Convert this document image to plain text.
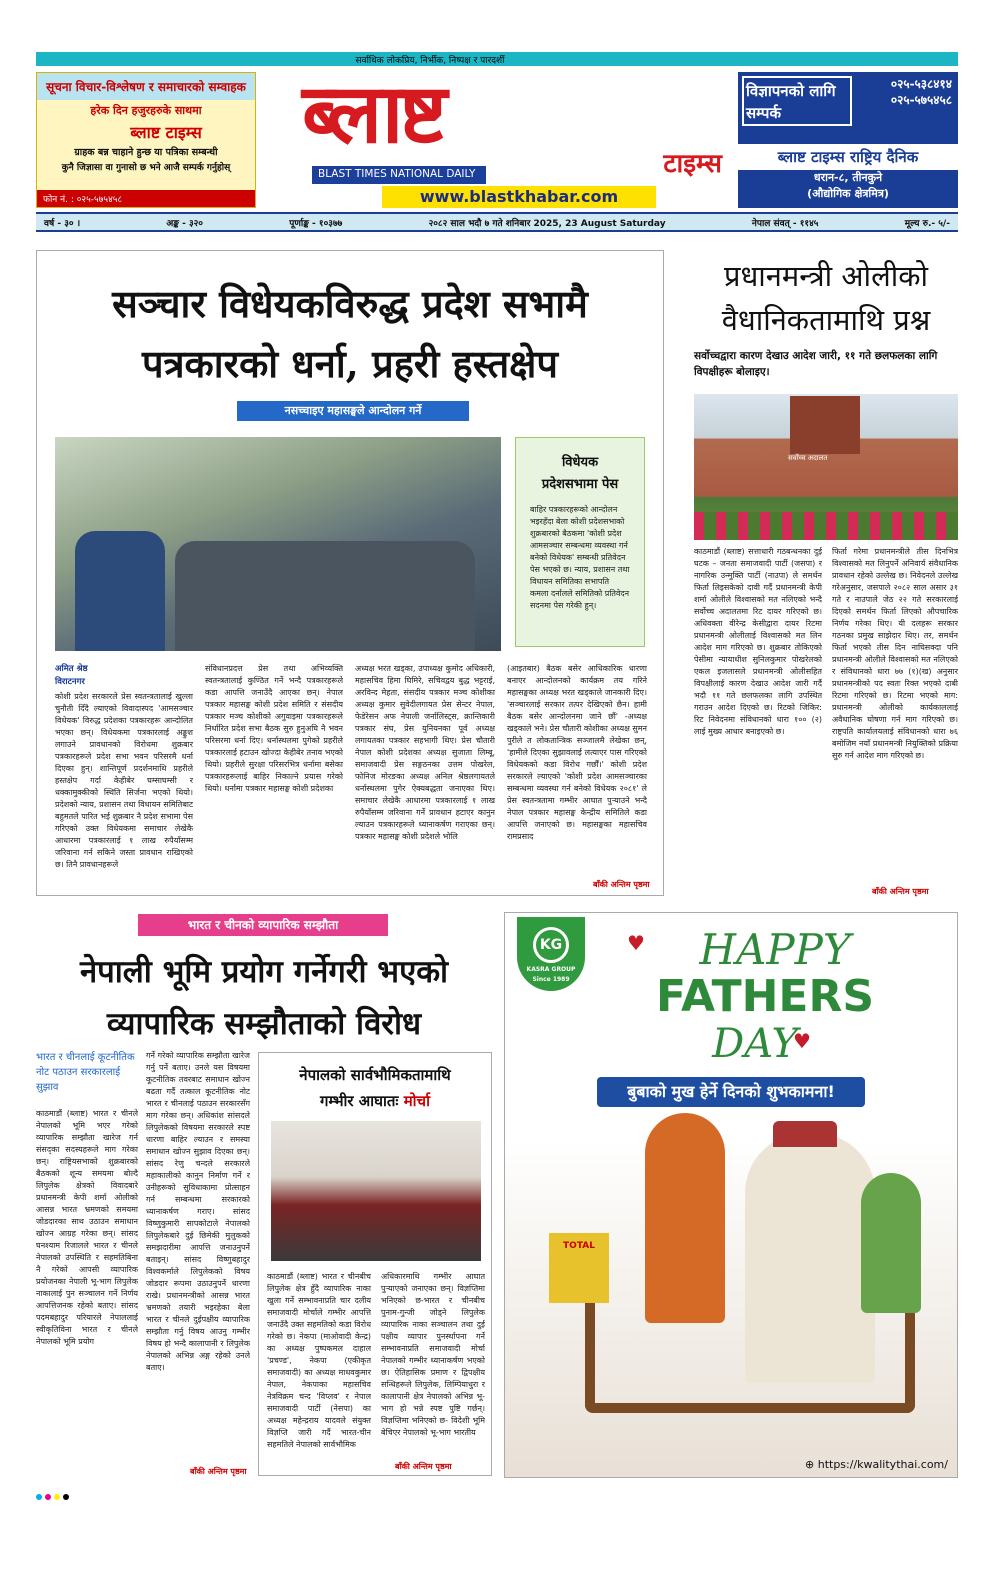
सर्वाधिक लोकप्रिय, निर्भीक, निष्पक्ष र पारदर्शी
सूचना विचार-विश्लेषण र समाचारको सम्वाहक
हरेक दिन हजुरहरुके साथमा
ब्लाष्ट टाइम्स
ग्राहक बन्न चाहाने हुन्छ या पत्रिका सम्बन्धी
कुनै जिज्ञासा वा गुनासो छ भने आजै सम्पर्क गर्नुहोस्
फोन नं. : ०२५-५७५४५८
ब्लाष्ट
टाइम्स
BLAST TIMES NATIONAL DAILY
www.blastkhabar.com
विज्ञापनको लागि सम्पर्क
०२५-५३८४१४
०२५-५७५४५८
ब्लाष्ट टाइम्स राष्ट्रिय दैनिक
धरान-८, तीनकुने
(औद्योगिक क्षेत्रमित्र)
वर्ष - ३० ।	अङ्क - ३२०	पूर्णाङ्क - १०३७७	२०८२ साल भदौ ७ गते शनिबार 2025, 23 August Saturday	नेपाल संवत् - ११४५	मूल्य रु.- ५/-
सञ्चार विधेयकविरुद्ध प्रदेश सभामै
पत्रकारको धर्ना, प्रहरी हस्तक्षेप
नसच्चाइए महासङ्घले आन्दोलन गर्ने
विधेयक
प्रदेशसभामा पेस
बाहिर पत्रकारहरूको आन्दोलन भइरहँदा बेला कोशी प्रदेशसभाको शुक्रबारको बैठकमा 'कोशी प्रदेश आमसञ्चार सम्बन्धमा व्यवस्था गर्न बनेको विधेयक' सम्बन्धी प्रतिवेदन पेस भएको छ। न्याय, प्रशासन तथा विधायन समितिका सभापति कमला दर्नालले समितिको प्रतिवेदन सदनमा पेस गरेकी हुन्।
अमित श्रेष्ठ
विराटनगर
कोशी प्रदेश सरकारले प्रेस स्वतन्त्रतालाई खुल्ला चुनौती दिँदै ल्याएको विवादास्पद 'आमसञ्चार विधेयक' विरुद्ध प्रदेशका पत्रकारहरू आन्दोलित भएका छन्। विधेयकमा पत्रकारलाई अङ्कुश लगाउने प्रावधानको विरोधमा शुक्रबार पत्रकारहरूले प्रदेश सभा भवन परिसरमै धर्ना दिएका हुन्। शान्तिपूर्ण प्रदर्शनमाथि प्रहरीले हस्तक्षेप गर्दा केहीबेर घम्साघम्सी र धक्कामुक्कीको स्थिति सिर्जना भएको थियो। प्रदेशको न्याय, प्रशासन तथा विधायन समितिबाट बहुमतले पारित भई शुक्रबार नै प्रदेश सभामा पेस गरिएको उक्त विधेयकमा समाचार लेखेकै आधारमा पत्रकारलाई १ लाख रुपैयाँसम्म जरिवाना गर्न सकिने जस्ता प्रावधान राखिएको छ। तिनै प्रावधानहरूले
संविधानप्रदत्त प्रेस तथा अभिव्यक्ति स्वतन्त्रतालाई कुण्ठित गर्ने भन्दै पत्रकारहरूले कडा आपत्ति जनाउँदै आएका छन्। नेपाल पत्रकार महासङ्घ कोशी प्रदेश समिति र संसदीय पत्रकार मञ्च कोशीको अगुवाइमा पत्रकारहरूले निर्धारित प्रदेश सभा बैठक सुरु हुनुअघि नै भवन परिसरमा धर्ना दिए। धर्नास्थलमा पुगेको प्रहरीले पत्रकारलाई हटाउन खोज्दा केहीबेर तनाव भएको थियो। प्रहरीले सुरक्षा परिसरभित्र धर्नामा बसेका पत्रकारहरूलाई बाहिर निकाल्ने प्रयास गरेको थियो। धर्नामा पत्रकार महासङ्घ कोशी प्रदेशका
अध्यक्ष भरत खड्का, उपाध्यक्ष कुमोद अधिकारी, महासचिव हिमा घिमिरे, सचिवद्वय बुद्ध भट्टराई, अरविन्द मेहता, संसदीय पत्रकार मञ्च कोशीका अध्यक्ष कुमार सुवेदीलगायत प्रेस सेन्टर नेपाल, फेडेरेसन अफ नेपाली जर्नालिस्ट्स, क्रान्तिकारी पत्रकार संघ, प्रेस युनियनका पूर्व अध्यक्ष लगायतका पत्रकार सहभागी थिए। प्रेस चौतारी नेपाल कोशी प्रदेशका अध्यक्ष सुजाता लिम्बू, समाजवादी प्रेस सङ्गठनका उत्तम पोखरेल, फोनिज मोरङका अध्यक्ष अनिल श्रेष्ठलगायतले धर्नास्थलमा पुगेर ऐक्यबद्धता जनाएका थिए। समाचार लेखेकै आधारमा पत्रकारलाई १ लाख रुपैयाँसम्म जरिवाना गर्ने प्रावधान हटाएर कानुन ल्याउन पत्रकारहरूले ध्यानाकर्षण गराएका छन्। पत्रकार महासङ्घ कोशी प्रदेशले भोलि
(आइतबार) बैठक बसेर आधिकारिक धारणा बनाएर आन्दोलनको कार्यक्रम तय गरिने महासङ्घका अध्यक्ष भरत खड्काले जानकारी दिए। 'सञ्चारलाई सरकार तत्पर देखिएको छैन। हामी बैठक बसेर आन्दोलनमा जाने छौं' -अध्यक्ष खड्काले भने। प्रेस चौतारी कोशीका अध्यक्ष सुमन पुरीले त लोकतान्त्रिक सञ्जालमै लेखेका छन्, 'हामीले दिएका सुझावलाई लत्याएर पास गरिएको विधेयकको कडा विरोध गर्छौं।' कोशी प्रदेश सरकारले ल्याएको 'कोशी प्रदेश आमसञ्चारका सम्बन्धमा व्यवस्था गर्न बनेको विधेयक २०८१' ले प्रेस स्वतन्त्रतामा गम्भीर आघात पुऱ्याउने भन्दै नेपाल पत्रकार महासङ्घ केन्द्रीय समितिले कडा आपत्ति जनाएको छ। महासङ्घका महासचिव रामप्रसाद
बाँकी अन्तिम पृष्ठमा
प्रधानमन्त्री ओलीको
वैधानिकतामाथि प्रश्न
सर्वोच्चद्वारा कारण देखाउ आदेश जारी, ११ गते छलफलका लागि विपक्षीहरू बोलाइए।
सर्वोच्च अदालत
काठमाडौं (ब्लाष्ट) सत्ताधारी गठबन्धनका दुई घटक – जनता समाजवादी पार्टी (जसपा) र नागरिक उन्मुक्ति पार्टी (नाउपा) ले समर्थन फिर्ता लिइसकेको दावी गर्दै प्रधानमन्त्री केपी शर्मा ओलीले विश्वासको मत नलिएको भन्दै सर्वोच्च अदालतमा रिट दायर गरिएको छ। अधिवक्ता वीरेन्द्र केसीद्वारा दायर रिटमा प्रधानमन्त्री ओलीलाई विश्वासको मत लिन आदेश माग गरिएको छ। शुक्रबार तोकिएको पेसीमा न्यायाधीश सुनिलकुमार पोखरेलको एकल इजलासले प्रधानमन्त्री ओलीसहित विपक्षीलाई कारण देखाउ आदेश जारी गर्दै भदौ ११ गते छलफलका लागि उपस्थित गराउन आदेश दिएको छ। रिटको जिकिर: रिट निवेदनमा संविधानको धारा १०० (२) लाई मुख्य आधार बनाइएको छ।
फिर्ता गरेमा प्रधानमन्त्रीले तीस दिनभित्र विश्वासको मत लिनुपर्ने अनिवार्य संवैधानिक प्रावधान रहेको उल्लेख छ। निवेदनले उल्लेख गरेअनुसार, जसपाले २०८२ साल असार ३१ गते र नाउपाले जेठ २२ गते सरकारलाई दिएको समर्थन फिर्ता लिएको औपचारिक निर्णय गरेका थिए। यी दलहरू सरकार गठनका प्रमुख साझेदार थिए। तर, समर्थन फिर्ता भएको तीस दिन नाघिसक्दा पनि प्रधानमन्त्री ओलीले विश्वासको मत नलिएको र संविधानको धारा ७७ (१)(ख) अनुसार प्रधानमन्त्रीको पद स्वतः रिक्त भएको दाबी रिटमा गरिएको छ। रिटमा भएको माग: प्रधानमन्त्री ओलीको कार्यकाललाई अवैधानिक घोषणा गर्न माग गरिएको छ। राष्ट्रपति कार्यालयलाई संविधानको धारा ७६ बमोजिम नयाँ प्रधानमन्त्री नियुक्तिको प्रक्रिया सुरु गर्न आदेश माग गरिएको छ।
बाँकी अन्तिम पृष्ठमा
भारत र चीनको व्यापारिक सम्झौता
नेपाली भूमि प्रयोग गर्नेगरी भएको
व्यापारिक सम्झौताको विरोध
भारत र चीनलाई कूटनीतिक नोट पठाउन सरकारलाई सुझाव
काठमाडौं (ब्लाष्ट) भारत र चीनले नेपालको भूमि भएर गरेको व्यापारिक सम्झौता खारेज गर्न संसद्‌का सदस्यहरूले माग गरेका छन्। राष्ट्रियसभाको शुक्रबारको बैठकको शून्य समयमा बोल्दै लिपुलेक क्षेत्रको विवादबारे प्रधानमन्त्री केपी शर्मा ओलीको आसन्न भारत भ्रमणको समयमा जोडदारका साथ उठाउन समाधान खोज्न आग्रह गरेका छन्। सांसद घनश्याम रिजालले भारत र चीनले नेपालको उपस्थिति र सहमतिबिना नै गरेको आपसी व्यापारिक प्रयोजनका नेपाली भू-भाग लिपुलेक नाकालाई पुन सञ्चालन गर्ने निर्णय आपत्तिजनक रहेको बताए। सांसद पदमबहादुर परियारले नेपाललाई स्वीकृतिविना भारत र चीनले नेपालको भूमि प्रयोग
गर्ने गरेको व्यापारिक सम्झौता खारेज गर्नु पर्ने बताए। उनले यस विषयमा कूटनीतिक तवरबाट समाधान खोज्न बढता गर्दै तत्काल कूटनीतिक नोट भारत र चीनलाई पठाउन सरकारसँग माग गरेका छन्। अधिकांश सांसदले लिपुलेकको विषयमा सरकारले स्पष्ट धारणा बाहिर ल्याउन र समस्या समाधान खोज्न सुझाव दिएका छन्। सांसद रेणु चन्दले सरकारले महाकालीको कानुन निर्माण गर्ने र उनीहरूको सुविधाकामा प्रोत्साहन गर्न सम्बन्धमा सरकारको ध्यानाकर्षण गराए। सांसद विष्णुकुमारी सापकोटाले नेपालको लिपुलेकबारे दुई छिमेकी मुलुकको समझदारीमा आपत्ति जनाउनुपर्ने बताइन्। सांसद विष्णुबहादुर विश्वकर्माले लिपुलेकको विषय जोडदार रूपमा उठाउनुपर्ने धारणा राखे। प्रधानमन्त्रीको आसन्न भारत भ्रमणको तयारी भइरहेका बेला भारत र चीनले दुईपक्षीय व्यापारिक सम्झौता गर्नु विषय आउनु गम्भीर विषय हो भन्दै कालापानी र लिपुलेक नेपालको अभिन्न अङ्ग रहेको उनले बताए।
बाँकी अन्तिम पृष्ठमा
नेपालको सार्वभौमिकतामाथि
गम्भीर आघातः मोर्चा
काठमाडौं (ब्लाष्ट) भारत र चीनबीच लिपुलेक क्षेत्र हुँदै व्यापारिक नाका खुला गर्ने सम्भावनाप्रति चार दलीय समाजवादी मोर्चाले गम्भीर आपत्ति जनाउँदै उक्त सहमतिको कडा विरोध गरेको छ। नेकपा (माओवादी केन्द्र) का अध्यक्ष पुष्पकमल दाहाल 'प्रचण्ड', नेकपा (एकीकृत समाजवादी) का अध्यक्ष माधवकुमार नेपाल, नेकपाका महासचिव नेत्रविक्रम चन्द 'विप्लव' र नेपाल समाजवादी पार्टी (नेसपा) का अध्यक्ष महेन्द्रराय यादवले संयुक्त विज्ञप्ति जारी गर्दै भारत-चीन सहमतिले नेपालको सार्वभौमिक
अधिकारमाथि गम्भीर आघात पुऱ्याएको जनाएका छन्। विज्ञप्तिमा भनिएको छ-भारत र चीनबीच पुनाम-गुन्जी जोड्ने लिपुलेक व्यापारिक नाका सञ्चालन तथा दुई पक्षीय व्यापार पुनर्स्थापना गर्ने सम्भावनाप्रति समाजवादी मोर्चा नेपालको गम्भीर ध्यानाकर्षण भएको छ। ऐतिहासिक प्रमाण र द्विपक्षीय सन्धिहरूले लिपुलेक, लिम्पियाधुरा र कालापानी क्षेत्र नेपालको अभिन्न भू-भाग हो भन्ने स्पष्ट पुष्टि गर्छन्। विज्ञप्तिमा भनिएको छ- विदेशी भूमि बेचिएर नेपालको भू-भाग भारतीय
बाँकी अन्तिम पृष्ठमा
KG
KASRA GROUP
Since 1989
♥
♥
HAPPY
FATHERS
DAY
बुबाको मुख हेर्ने दिनको शुभकामना!
TOTAL
⊕ https://kwalitythai.com/
